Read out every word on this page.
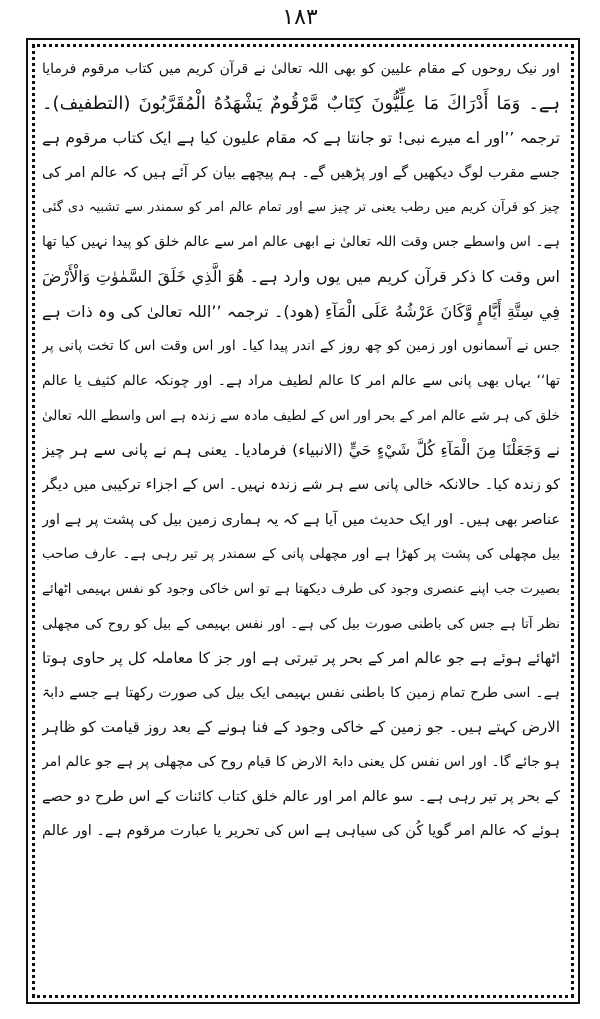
۱۸۳
اور نیک روحوں کے مقام علیین کو بھی اللہ تعالیٰ نے قرآن کریم میں کتاب مرقوم فرمایا
ہے۔ وَمَا أَدْرَاكَ مَا عِلِّيُّونَ كِتَابٌ مَّرْقُومٌ يَشْهَدُهُ الْمُقَرَّبُونَ (التطفیف)۔
ترجمہ ’’اور اے میرے نبی! تو جانتا ہے کہ مقام علیون کیا ہے ایک کتاب مرقوم ہے
جسے مقرب لوگ دیکھیں گے اور پڑھیں گے۔ ہم پیچھے بیان کر آئے ہیں کہ عالم امر کی
چیز کو قرآن کریم میں رطب یعنی تر چیز سے اور تمام عالم امر کو سمندر سے تشبیہ دی گئی
ہے۔ اس واسطے جس وقت اللہ تعالیٰ نے ابھی عالم امر سے عالم خلق کو پیدا نہیں کیا تھا
اس وقت کا ذکر قرآن کریم میں یوں وارد ہے۔ هُوَ الَّذِي خَلَقَ السَّمٰوٰتِ وَالْأَرْضَ
فِي سِتَّةِ أَيَّامٍ وَّكَانَ عَرْشُهُ عَلَى الْمَآءِ (هود)۔ ترجمہ ’’اللہ تعالیٰ کی وہ ذات ہے
جس نے آسمانوں اور زمین کو چھ روز کے اندر پیدا کیا۔ اور اس وقت اس کا تخت پانی پر
تھا‘‘ یہاں بھی پانی سے عالم امر کا عالم لطیف مراد ہے۔ اور چونکہ عالم کثیف یا عالم
خلق کی ہر شے عالم امر کے بحر اور اس کے لطیف مادہ سے زندہ ہے اس واسطے اللہ تعالیٰ
نے وَجَعَلْنَا مِنَ الْمَآءِ كُلَّ شَيْءٍ حَيٍّ (الانبیاء) فرمادیا۔ یعنی ہم نے پانی سے ہر چیز
کو زندہ کیا۔ حالانکہ خالی پانی سے ہر شے زندہ نہیں۔ اس کے اجزاء ترکیبی میں دیگر
عناصر بھی ہیں۔ اور ایک حدیث میں آیا ہے کہ یہ ہماری زمین بیل کی پشت پر ہے اور
بیل مچھلی کی پشت پر کھڑا ہے اور مچھلی پانی کے سمندر پر تیر رہی ہے۔ عارف صاحب
بصیرت جب اپنے عنصری وجود کی طرف دیکھتا ہے تو اس خاکی وجود کو نفس بہیمی اٹھائے
نظر آتا ہے جس کی باطنی صورت بیل کی ہے۔ اور نفس بہیمی کے بیل کو روح کی مچھلی
اٹھائے ہوئے ہے جو عالم امر کے بحر پر تیرتی ہے اور جز کا معاملہ کل پر حاوی ہوتا
ہے۔ اسی طرح تمام زمین کا باطنی نفس بہیمی ایک بیل کی صورت رکھتا ہے جسے دابۃ
الارض کہتے ہیں۔ جو زمین کے خاکی وجود کے فنا ہونے کے بعد روز قیامت کو ظاہر
ہو جائے گا۔ اور اس نفس کل یعنی دابۃ الارض کا قیام روح کی مچھلی پر ہے جو عالم امر
کے بحر پر تیر رہی ہے۔ سو عالم امر اور عالم خلق کتاب کائنات کے اس طرح دو حصے
ہوئے کہ عالم امر گویا کُن کی سیاہی ہے اس کی تحریر یا عبارت مرقوم ہے۔ اور عالم
